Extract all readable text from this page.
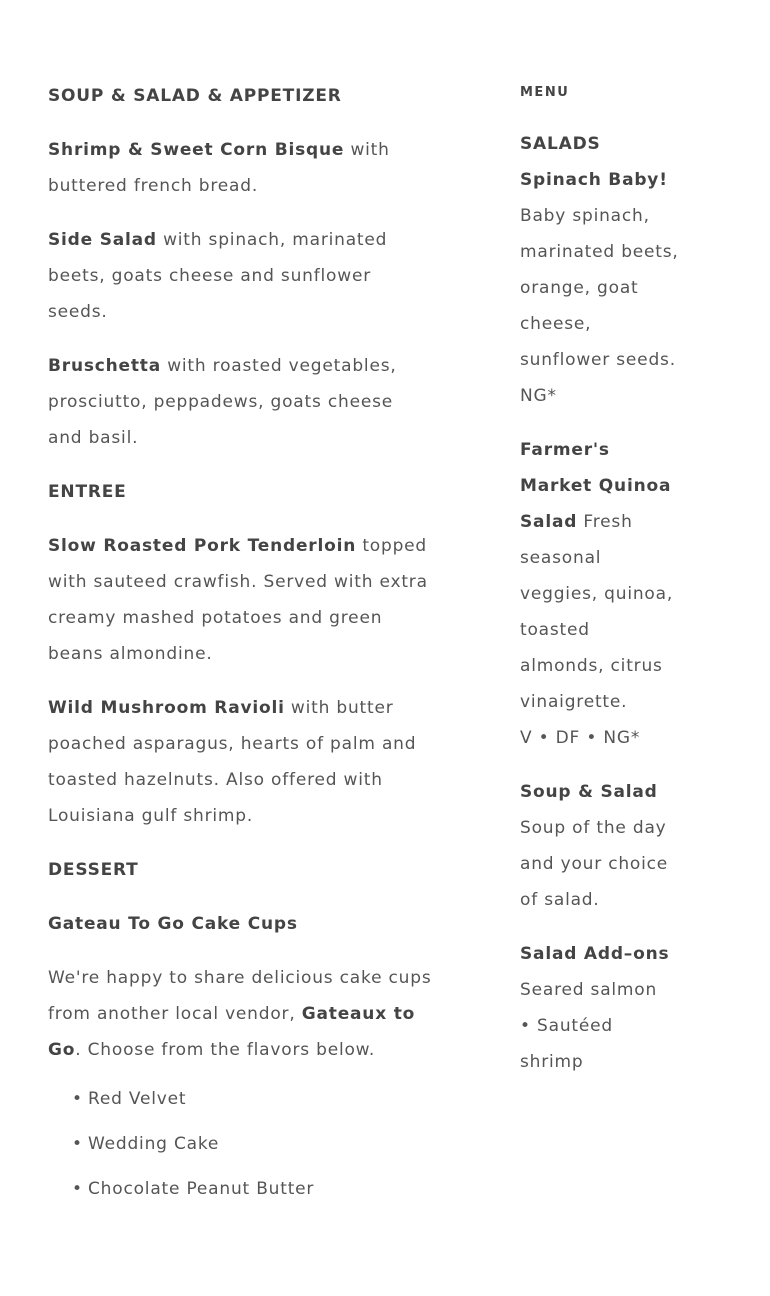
SOUP & SALAD & APPETIZER

Shrimp & Sweet Corn Bisque with buttered french bread.

Side Salad with spinach, marinated beets, goats cheese and sunflower seeds.

Bruschetta with roasted vegetables, prosciutto, peppadews, goats cheese and basil.

ENTREE

Slow Roasted Pork Tenderloin topped with sauteed crawfish. Served with extra creamy mashed potatoes and green beans almondine.

Wild Mushroom Ravioli with butter poached asparagus, hearts of palm and toasted hazelnuts. Also offered with Louisiana gulf shrimp.

DESSERT
Gateau To Go Cake Cups

We're happy to share delicious cake cups from another local vendor, Gateaux to Go. Choose from the flavors below.

• Red Velvet
• Wedding Cake
• Chocolate Peanut Butter
MENU

SALADS
Spinach Baby! Baby spinach, marinated beets, orange, goat cheese, sunflower seeds. NG*

Farmer's Market Quinoa Salad Fresh seasonal veggies, quinoa, toasted almonds, citrus vinaigrette.
V • DF • NG*

Soup & Salad Soup of the day and your choice of salad.

Salad Add–ons Seared salmon
• Sautéed shrimp
